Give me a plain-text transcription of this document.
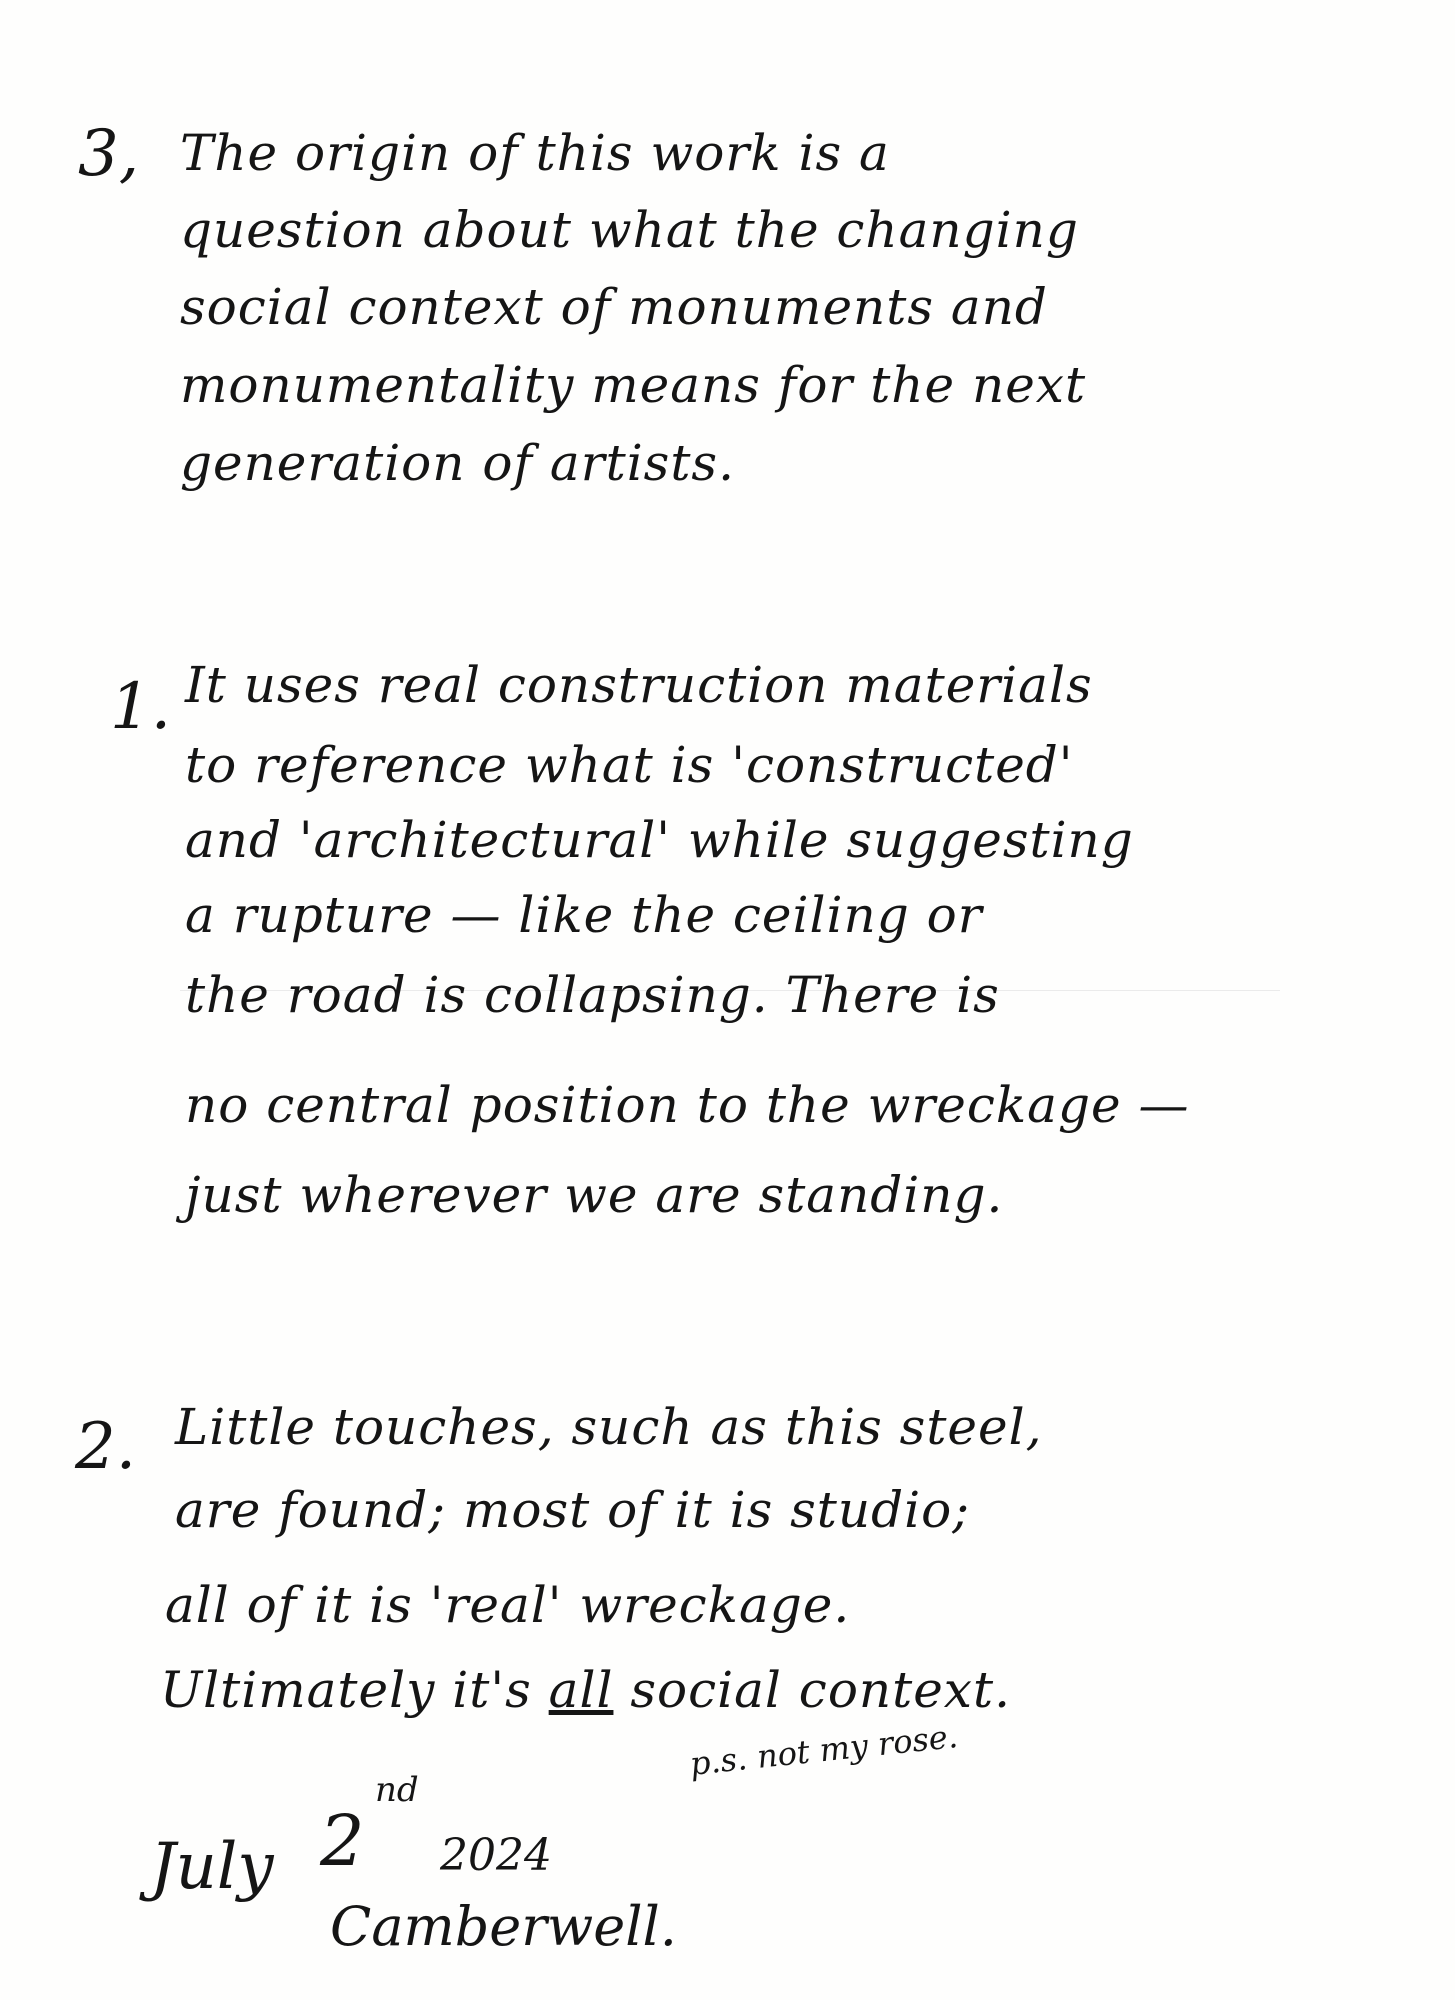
3, The origin of this work is a
question about what the changing
social context of monuments and
monumentality means for the next
generation of artists.
1. It uses real construction materials
to reference what is 'constructed'
and 'architectural' while suggesting
a rupture — like the ceiling or
the road is collapsing. There is
no central position to the wreckage —
just wherever we are standing.
2. Little touches, such as this steel,
are found; most of it is studio;
all of it is 'real' wreckage.
Ultimately it's all social context.
p.s. not my rose.
July 2
nd
2024
Camberwell.
